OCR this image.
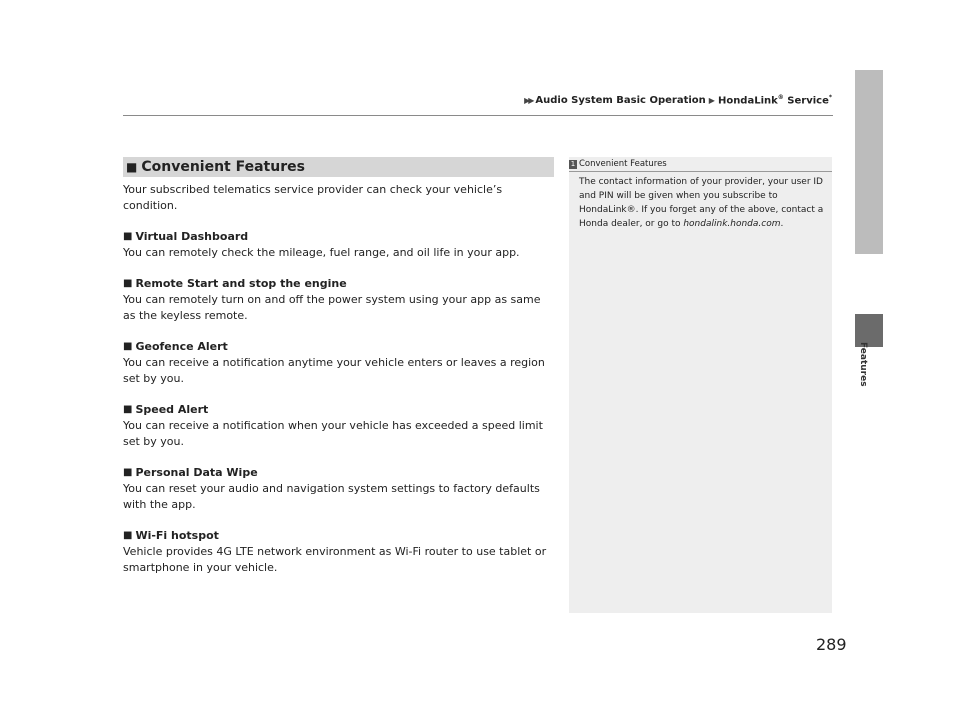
▶▶ Audio System Basic Operation ▶ HondaLink® Service*
Features
■ Convenient Features

Your subscribed telematics service provider can check your vehicle’s condition.

■ Virtual Dashboard
You can remotely check the mileage, fuel range, and oil life in your app.
■ Remote Start and stop the engine
You can remotely turn on and off the power system using your app as same as the keyless remote.
■ Geofence Alert
You can receive a notification anytime your vehicle enters or leaves a region set by you.
■ Speed Alert
You can receive a notification when your vehicle has exceeded a speed limit set by you.
■ Personal Data Wipe
You can reset your audio and navigation system settings to factory defaults with the app.
■ Wi-Fi hotspot
Vehicle provides 4G LTE network environment as Wi-Fi router to use tablet or smartphone in your vehicle.
1 Convenient Features
The contact information of your provider, your user ID and PIN will be given when you subscribe to HondaLink®. If you forget any of the above, contact a Honda dealer, or go to hondalink.honda.com.
289
